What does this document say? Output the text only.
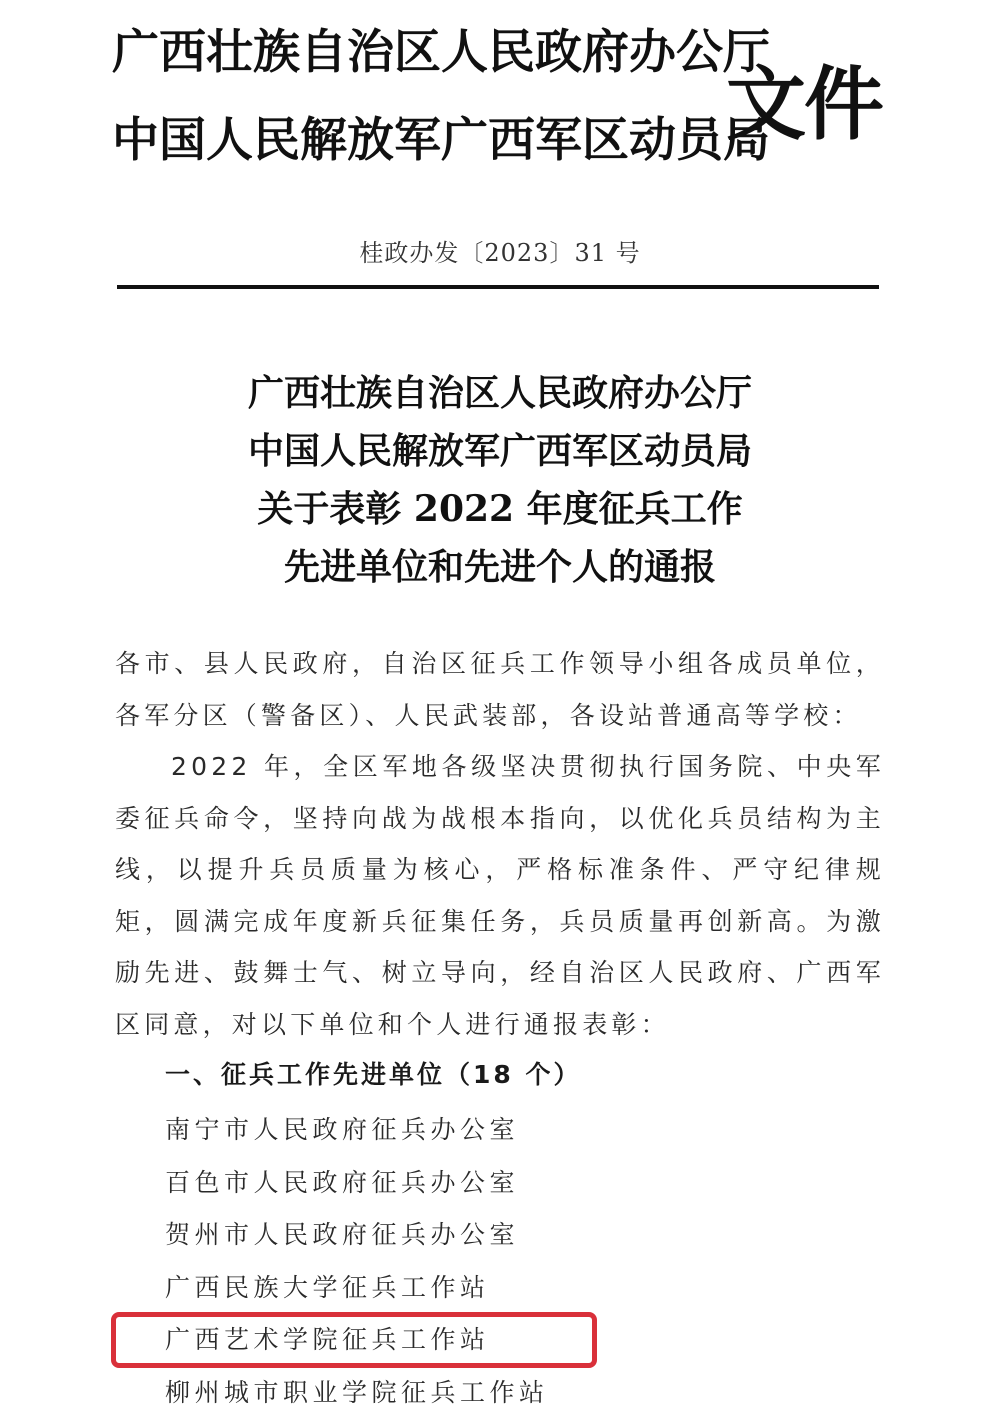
广西壮族自治区人民政府办公厅
中国人民解放军广西军区动员局
文件
桂政办发〔2023〕31 号
广西壮族自治区人民政府办公厅
中国人民解放军广西军区动员局
关于表彰 2022 年度征兵工作
先进单位和先进个人的通报

各市、县人民政府，自治区征兵工作领导小组各成员单位，各军分区（警备区）、人民武装部，各设站普通高等学校：

2022 年，全区军地各级坚决贯彻执行国务院、中央军委征兵命令，坚持向战为战根本指向，以优化兵员结构为主线，以提升兵员质量为核心，严格标准条件、严守纪律规矩，圆满完成年度新兵征集任务，兵员质量再创新高。为激励先进、鼓舞士气、树立导向，经自治区人民政府、广西军区同意，对以下单位和个人进行通报表彰：

一、征兵工作先进单位（18 个）
南宁市人民政府征兵办公室
百色市人民政府征兵办公室
贺州市人民政府征兵办公室
广西民族大学征兵工作站
广西艺术学院征兵工作站
柳州城市职业学院征兵工作站
